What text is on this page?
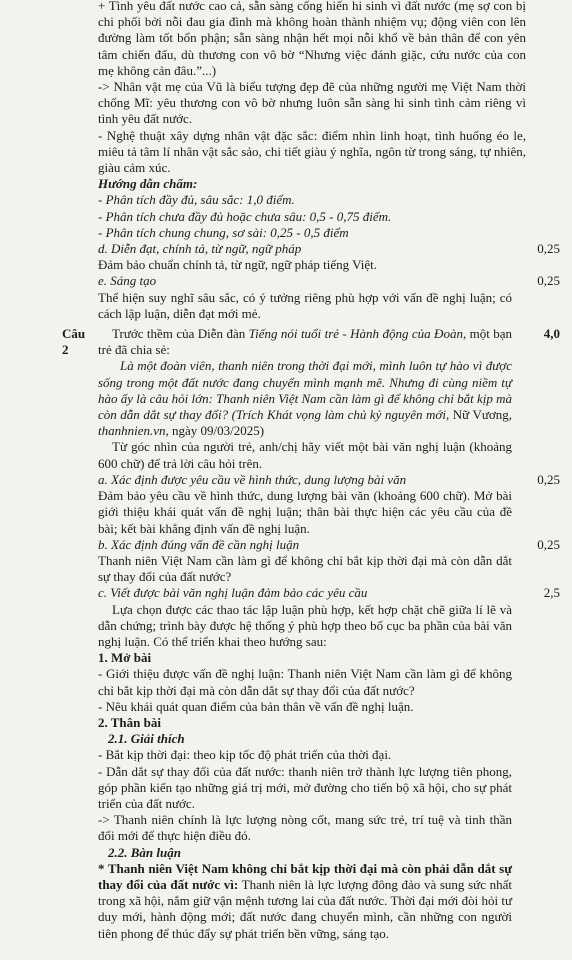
+ Tình yêu đất nước cao cả, sẵn sàng cống hiến hi sinh vì đất nước (mẹ sợ con bị chi phối bởi nỗi đau gia đình mà không hoàn thành nhiệm vụ; động viên con lên đường làm tốt bổn phận; sẵn sàng nhận hết mọi nỗi khổ về bản thân để con yên tâm chiến đấu, dù thương con vô bờ “Nhưng việc đánh giặc, cứu nước của con mẹ không cản đâu.”...)

-> Nhân vật mẹ của Vũ là biểu tượng đẹp đẽ của những người mẹ Việt Nam thời chống Mĩ: yêu thương con vô bờ nhưng luôn sẵn sàng hi sinh tình cảm riêng vì tình yêu đất nước.

- Nghệ thuật xây dựng nhân vật đặc sắc: điểm nhìn linh hoạt, tình huống éo le, miêu tả tâm lí nhân vật sắc sảo, chi tiết giàu ý nghĩa, ngôn từ trong sáng, tự nhiên, giàu cảm xúc.

Hướng dẫn chấm:

- Phân tích đầy đủ, sâu sắc: 1,0 điểm.

- Phân tích chưa đầy đủ hoặc chưa sâu: 0,5 - 0,75 điểm.

- Phân tích chung chung, sơ sài: 0,25 - 0,5 điểm

d. Diễn đạt, chính tả, từ ngữ, ngữ pháp

Đảm bảo chuẩn chính tả, từ ngữ, ngữ pháp tiếng Việt.

0,25

e. Sáng tạo

Thể hiện suy nghĩ sâu sắc, có ý tưởng riêng phù hợp với vấn đề nghị luận; có cách lập luận, diễn đạt mới mẻ.

0,25
Câu 2

Trước thềm của Diễn đàn Tiếng nói tuổi trẻ - Hành động của Đoàn, một bạn trẻ đã chia sẻ:

Là một đoàn viên, thanh niên trong thời đại mới, mình luôn tự hào vì được sống trong một đất nước đang chuyển mình mạnh mẽ. Nhưng đi cùng niềm tự hào ấy là câu hỏi lớn: Thanh niên Việt Nam cần làm gì để không chỉ bắt kịp mà còn dẫn dắt sự thay đổi? (Trích Khát vọng làm chủ kỷ nguyên mới, Nữ Vương, thanhnien.vn, ngày 09/03/2025)

Từ góc nhìn của người trẻ, anh/chị hãy viết một bài văn nghị luận (khoảng 600 chữ) để trả lời câu hỏi trên.

4,0

a. Xác định được yêu cầu về hình thức, dung lượng bài văn

Đảm bảo yêu cầu về hình thức, dung lượng bài văn (khoảng 600 chữ). Mở bài giới thiệu khái quát vấn đề nghị luận; thân bài thực hiện các yêu cầu của đề bài; kết bài khẳng định vấn đề nghị luận.

0,25

b. Xác định đúng vấn đề cần nghị luận

Thanh niên Việt Nam cần làm gì để không chỉ bắt kịp thời đại mà còn dẫn dắt sự thay đổi của đất nước?

0,25

c. Viết được bài văn nghị luận đảm bảo các yêu cầu

Lựa chọn được các thao tác lập luận phù hợp, kết hợp chặt chẽ giữa lí lẽ và dẫn chứng; trình bày được hệ thống ý phù hợp theo bố cục ba phần của bài văn nghị luận. Có thể triển khai theo hướng sau:

1. Mở bài

- Giới thiệu được vấn đề nghị luận: Thanh niên Việt Nam cần làm gì để không chỉ bắt kịp thời đại mà còn dẫn dắt sự thay đổi của đất nước?

- Nêu khái quát quan điểm của bản thân về vấn đề nghị luận.

2. Thân bài

2.1. Giải thích

- Bắt kịp thời đại: theo kịp tốc độ phát triển của thời đại.

- Dẫn dắt sự thay đổi của đất nước: thanh niên trở thành lực lượng tiên phong, góp phần kiến tạo những giá trị mới, mở đường cho tiến bộ xã hội, cho sự phát triển của đất nước.

-> Thanh niên chính là lực lượng nòng cốt, mang sức trẻ, trí tuệ và tinh thần đổi mới để thực hiện điều đó.

2.2. Bàn luận

* Thanh niên Việt Nam không chỉ bắt kịp thời đại mà còn phải dẫn dắt sự thay đổi của đất nước vì: Thanh niên là lực lượng đông đảo và sung sức nhất trong xã hội, nắm giữ vận mệnh tương lai của đất nước. Thời đại mới đòi hỏi tư duy mới, hành động mới; đất nước đang chuyển mình, cần những con người tiên phong để thúc đẩy sự phát triển bền vững, sáng tạo.

2,5
